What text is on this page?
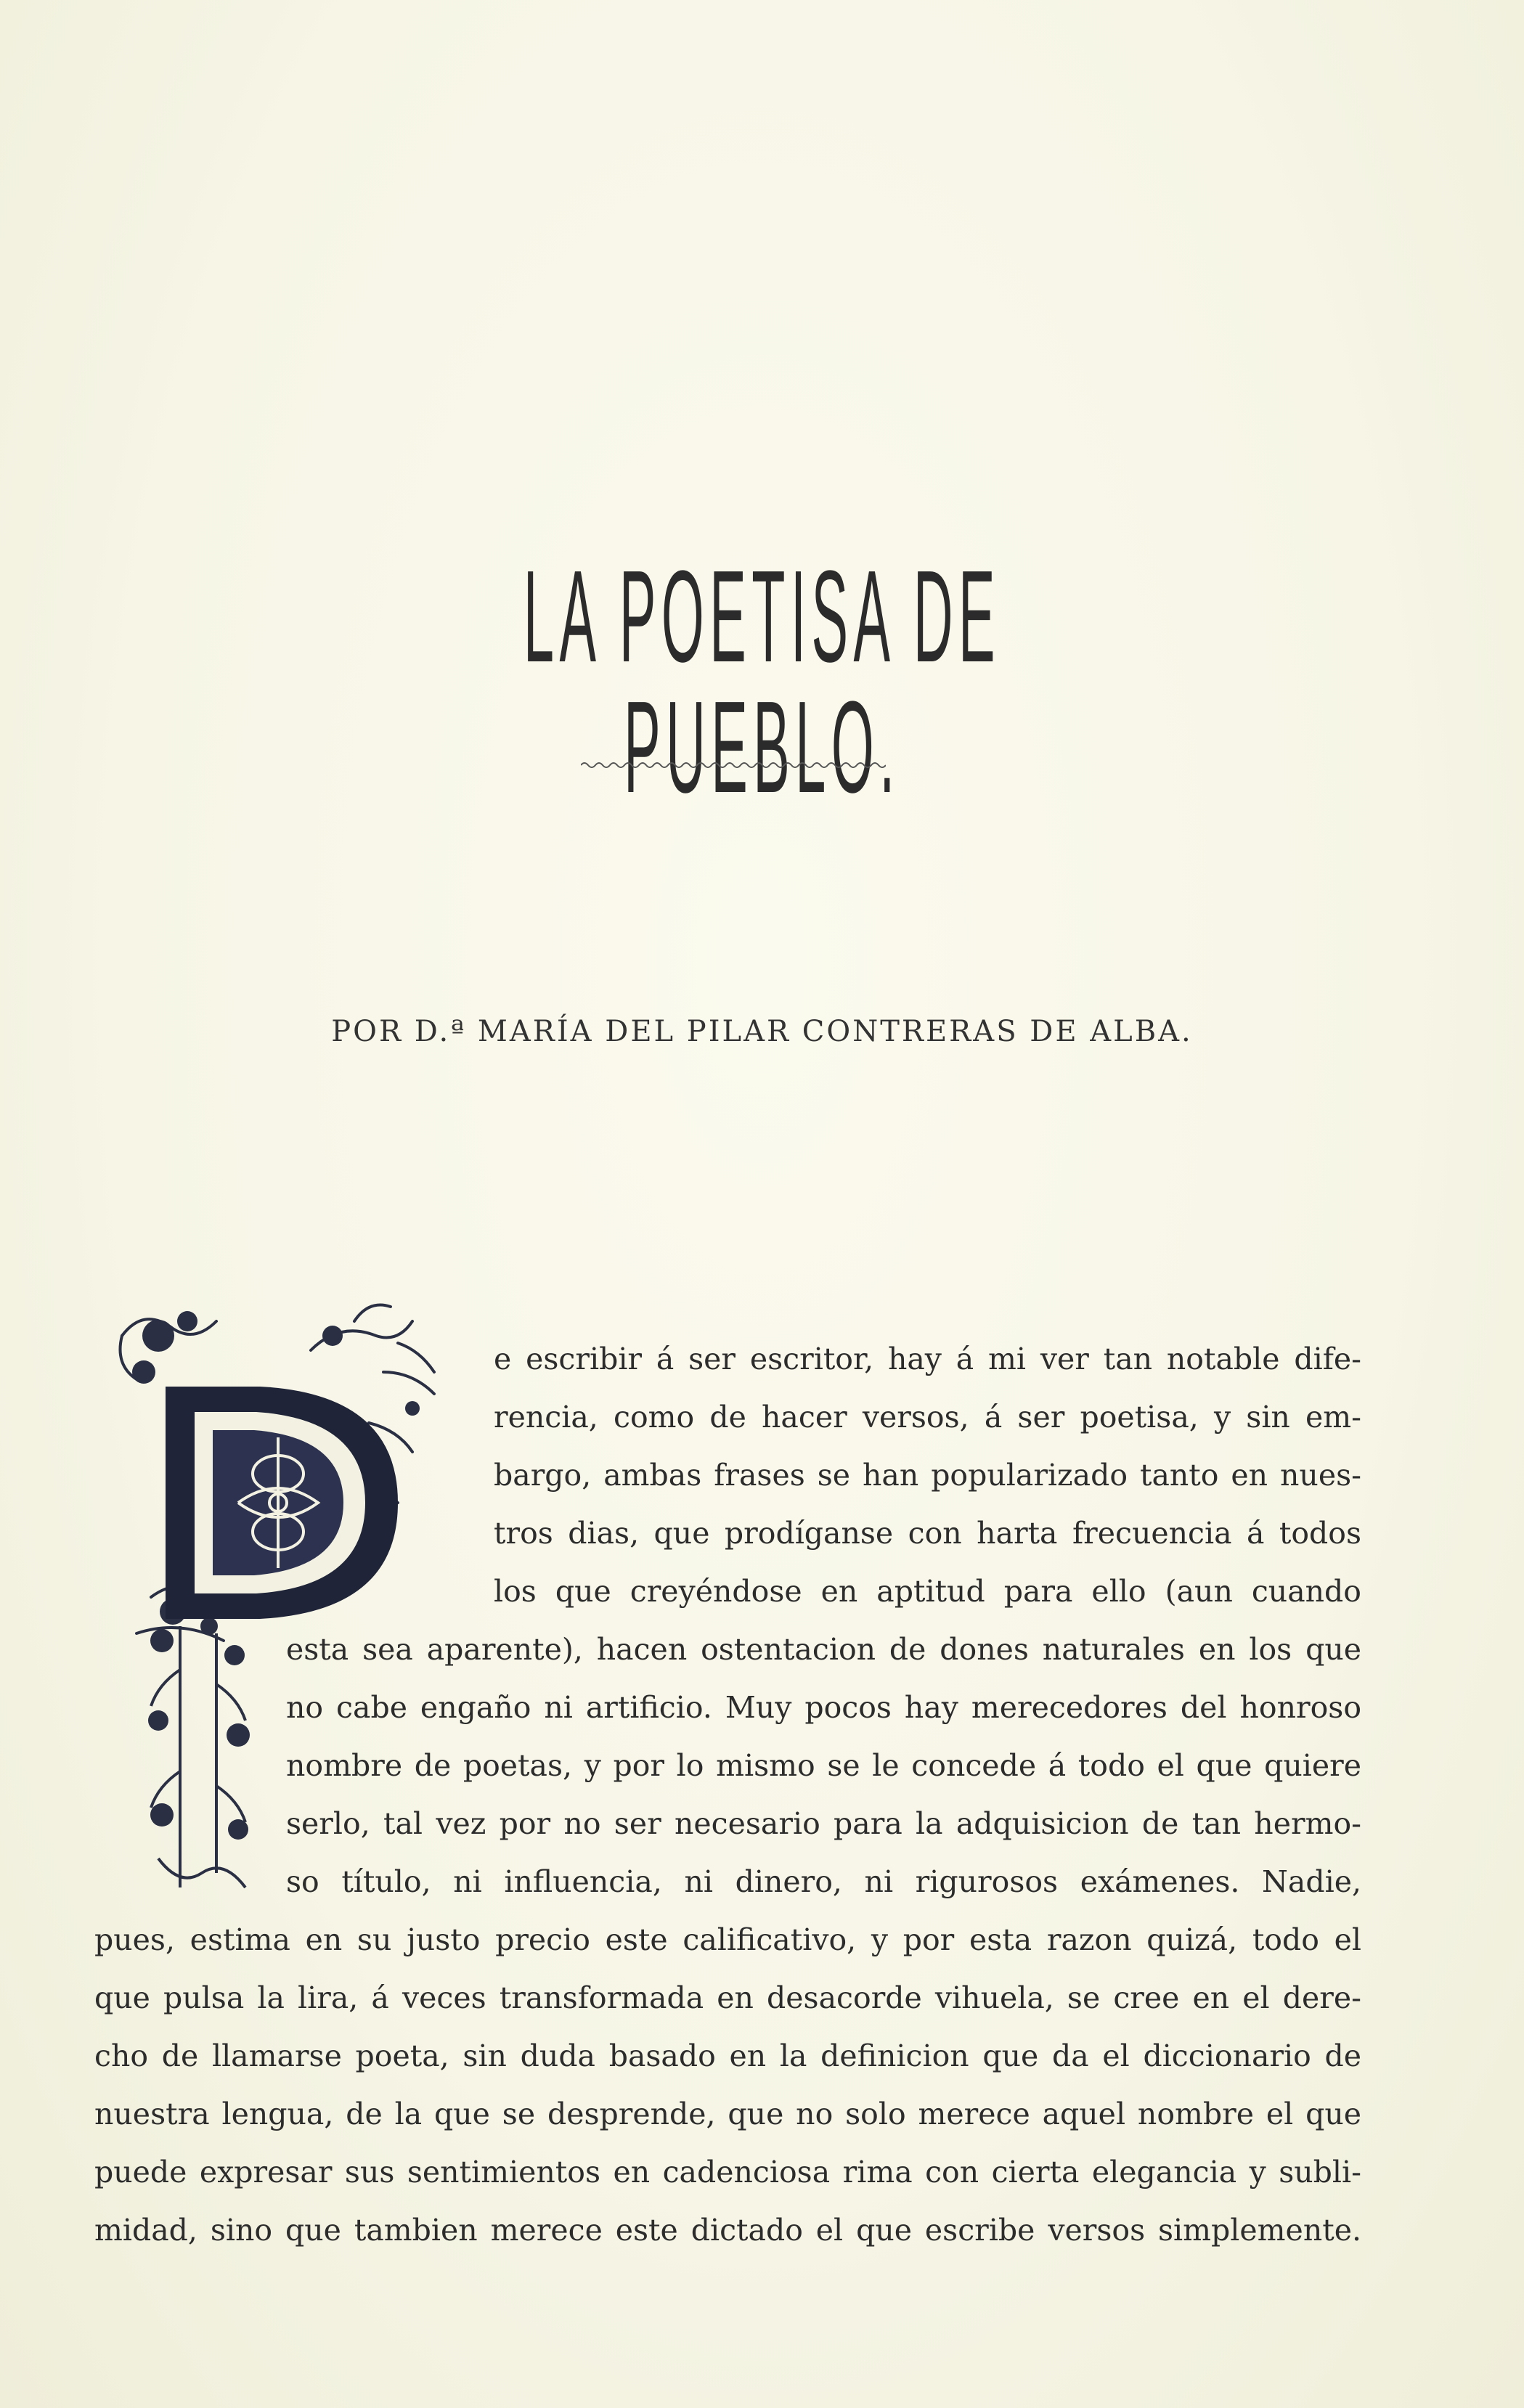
LA POETISA DE PUEBLO.
POR D.ª MARÍA DEL PILAR CONTRERAS DE ALBA.
e escribir á ser escritor, hay á mi ver tan notable dife-
rencia, como de hacer versos, á ser poetisa, y sin em-
bargo, ambas frases se han popularizado tanto en nues-
tros dias, que prodíganse con harta frecuencia á todos
los que creyéndose en aptitud para ello (aun cuando
esta sea aparente), hacen ostentacion de dones naturales en los que
no cabe engaño ni artificio. Muy pocos hay merecedores del honroso
nombre de poetas, y por lo mismo se le concede á todo el que quiere
serlo, tal vez por no ser necesario para la adquisicion de tan hermo-
so título, ni influencia, ni dinero, ni rigurosos exámenes. Nadie,
pues, estima en su justo precio este calificativo, y por esta razon quizá, todo el
que pulsa la lira, á veces transformada en desacorde vihuela, se cree en el dere-
cho de llamarse poeta, sin duda basado en la definicion que da el diccionario de
nuestra lengua, de la que se desprende, que no solo merece aquel nombre el que
puede expresar sus sentimientos en cadenciosa rima con cierta elegancia y subli-
midad, sino que tambien merece este dictado el que escribe versos simplemente.
